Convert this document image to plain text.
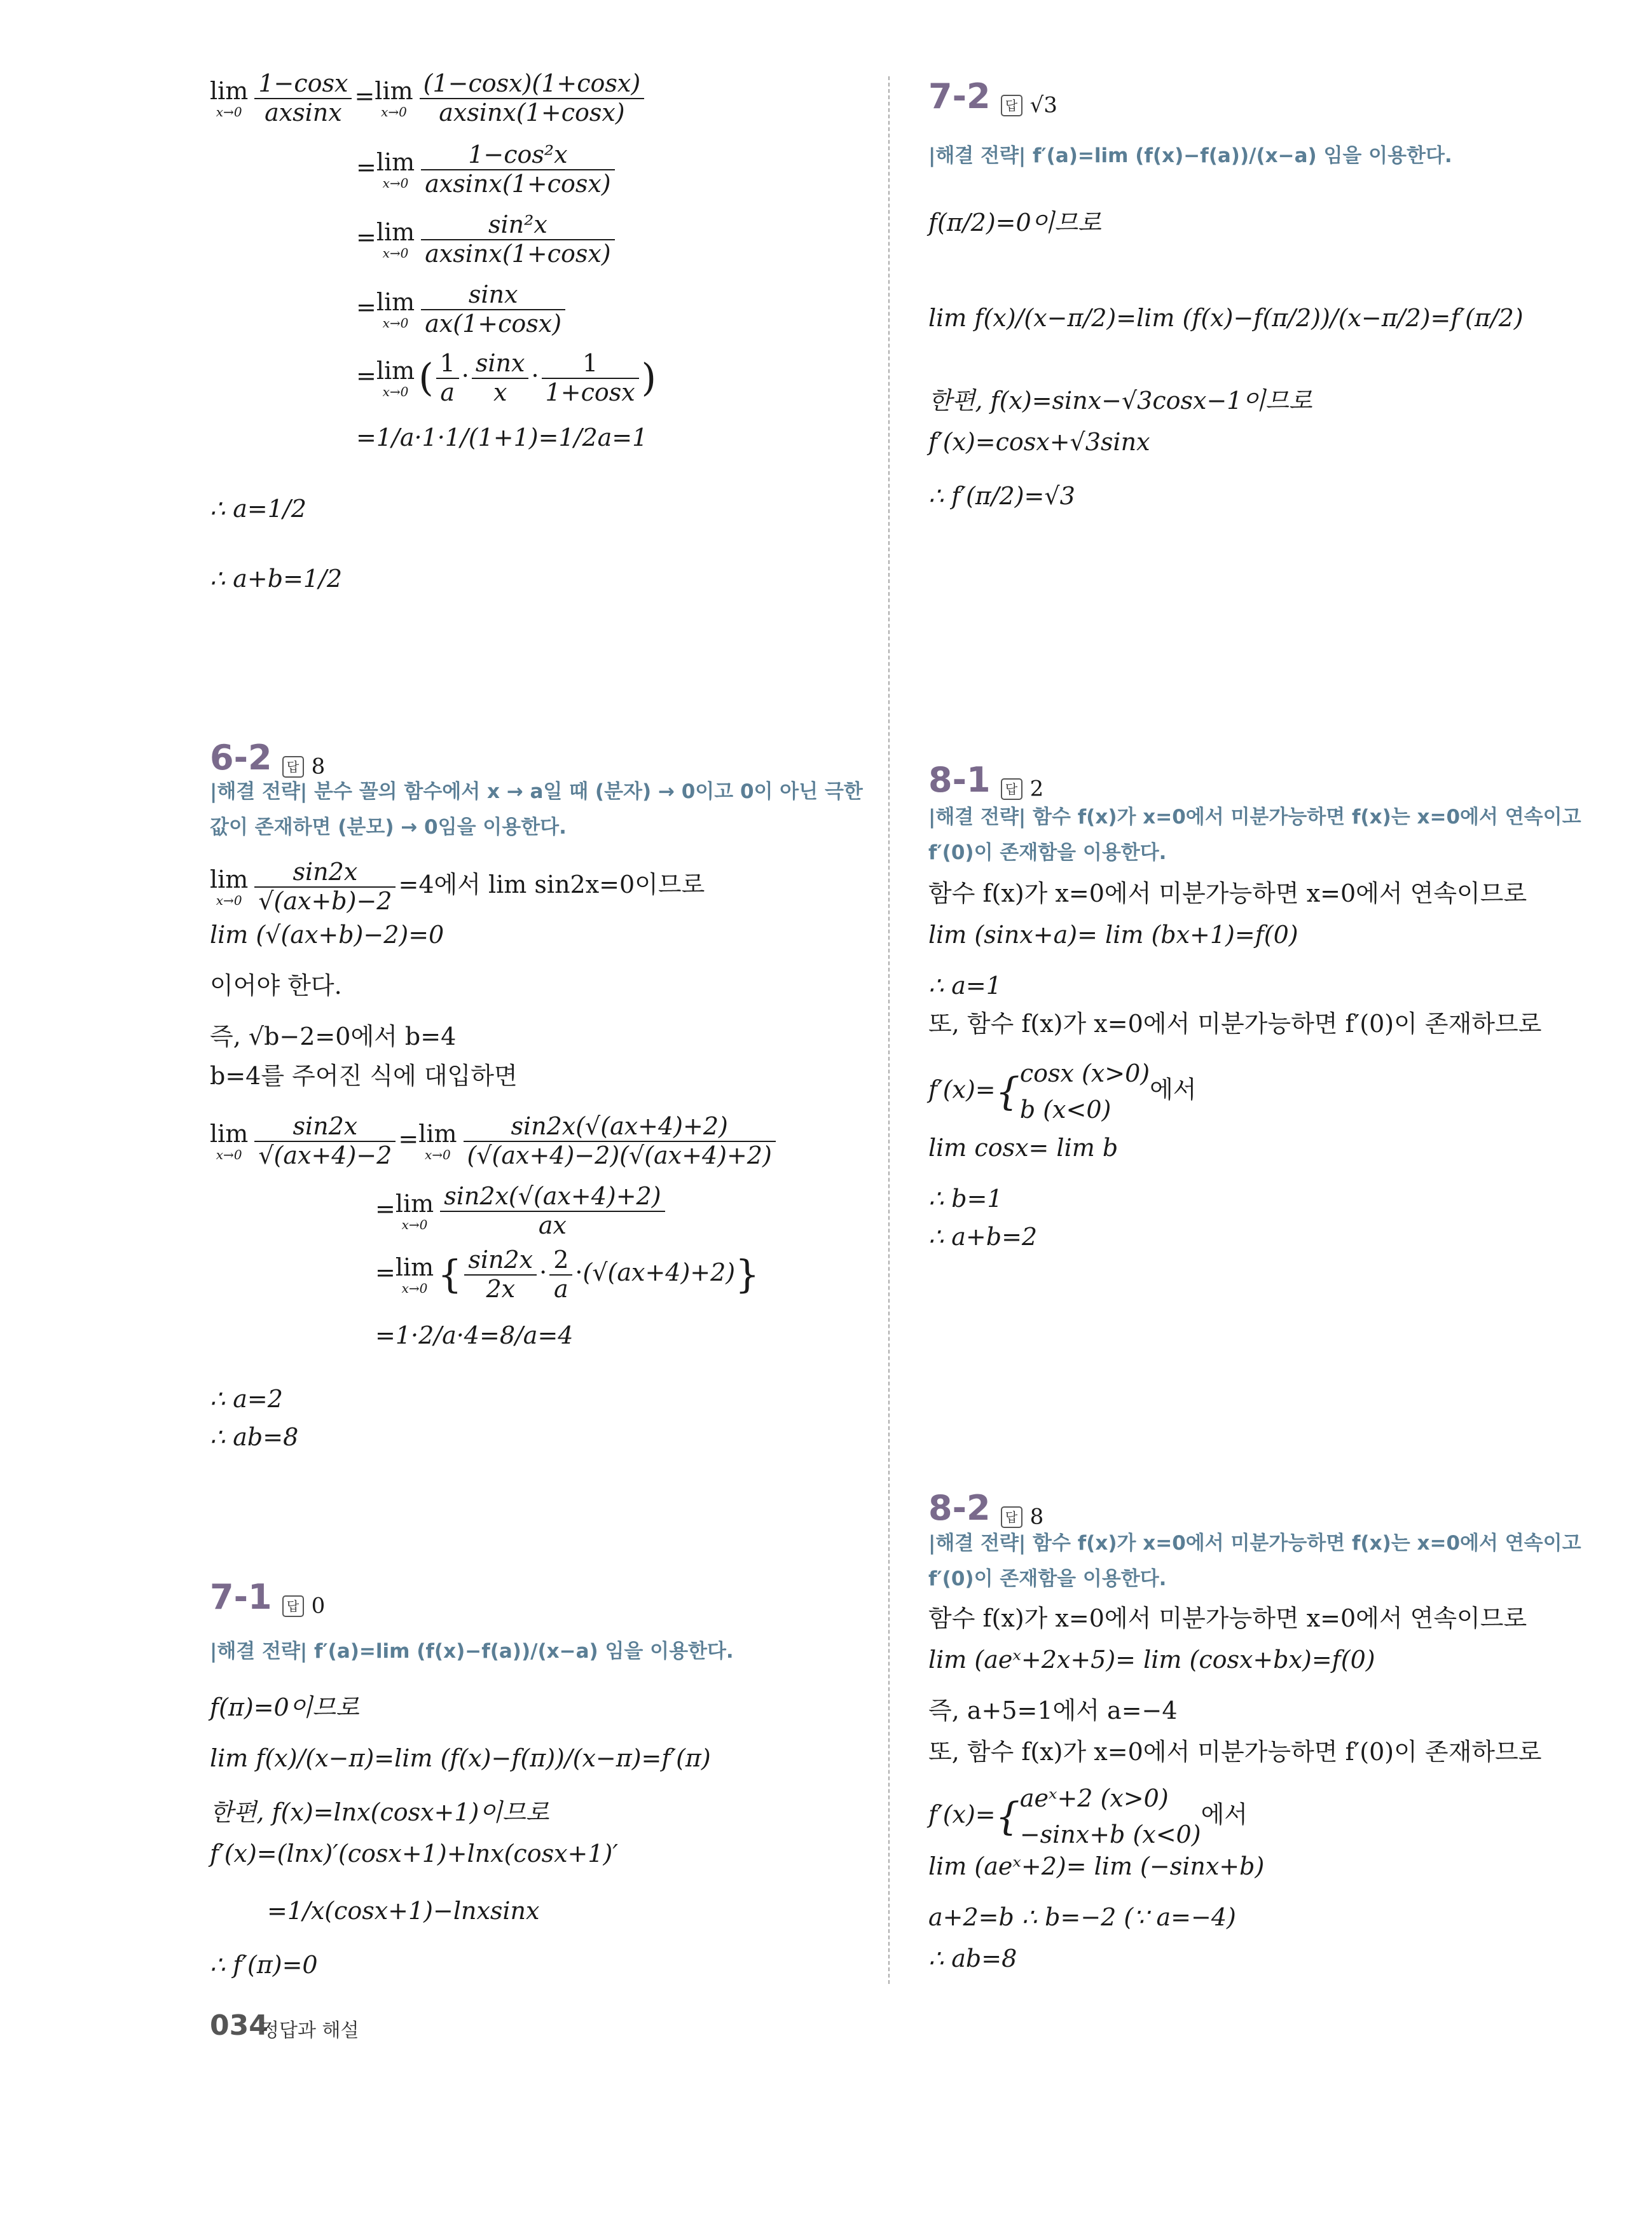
lim
$x\to 0 \frac{1-\cos x}{axsinx} = \lim$
$x\to 0 \frac{(1-\cos x)(1+\cos x)}{axsinx(1+\cos x)}$
= lim
$x\to 0 \frac{\text{1−cos²x}}{axsinx(1+\cos x)}$
= lim
$x\to 0 \frac{\text{sin²x}}{axsinx(1+\cos x)}$
= lim
$x\to 0 \frac{\sin x}{ax(1+\cos x)}$
= lim
x→0 ( $\frac{1}{a} \cdot \frac{\sin x}{x} \cdot \frac{1}{1+\cos x}$ )
=1/a·1·1/(1+1)=1/2a=1
∴ a=1/2
∴ a+b=1/2
6-2 답 8
|해결 전략| 분수 꼴의 함수에서 x → a일 때 (분자) → 0이고 0이 아닌 극한
값이 존재하면 (분모) → 0임을 이용한다.
lim
$x\to 0 \frac{\sin 2x}{√(ax+b)-2} =4$에서 lim sin2x=0이므로
lim (√(ax+b)−2)=0
이어야 한다.
즉, √b−2=0에서 b=4
b=4를 주어진 식에 대입하면
lim
$x\to 0 \frac{\sin 2x}{√(ax+4)-2} = \lim$
$x\to 0 \frac{\sin 2x(√(ax+4)+2)}{(√(ax+4)-2)(√(ax+4)+2)}$
= lim
$x\to 0 \frac{\sin 2x(√(ax+4)+2)}{ax}$
= lim
x→0 { $\frac{\sin 2x}{2x} \cdot \frac{2}{a} \cdot(√(ax+4)+2)$}
=1·2/a·4=8/a=4
∴ a=2
∴ ab=8
7-1 답 0
|해결 전략| f′(a)=lim (f(x)−f(a))/(x−a) 임을 이용한다.
f(π)=0이므로
lim f(x)/(x−π)=lim (f(x)−f(π))/(x−π)=f′(π)
한편, f(x)=lnx(cosx+1)이므로
f′(x)=(lnx)′(cosx+1)+lnx(cosx+1)′
=1/x(cosx+1)−lnxsinx
∴ f′(π)=0
7-2 답 √3
|해결 전략| f′(a)=lim (f(x)−f(a))/(x−a) 임을 이용한다.
f(π/2)=0이므로
lim f(x)/(x−π/2)=lim (f(x)−f(π/2))/(x−π/2)=f′(π/2)
한편, f(x)=sinx−√3cosx−1이므로
f′(x)=cosx+√3sinx
∴ f′(π/2)=√3
8-1 답 2
|해결 전략| 함수 f(x)가 x=0에서 미분가능하면 f(x)는 x=0에서 연속이고
f′(0)이 존재함을 이용한다.
함수 f(x)가 x=0에서 미분가능하면 x=0에서 연속이므로
lim (sinx+a)= lim (bx+1)=f(0)
∴ a=1
또, 함수 f(x)가 x=0에서 미분가능하면 f′(0)이 존재하므로
f′(x)={ cosx (x>0)
b (x<0)
에서
lim cosx= lim b
∴ b=1
∴ a+b=2
8-2 답 8
|해결 전략| 함수 f(x)가 x=0에서 미분가능하면 f(x)는 x=0에서 연속이고
f′(0)이 존재함을 이용한다.
함수 f(x)가 x=0에서 미분가능하면 x=0에서 연속이므로
lim (aeˣ+2x+5)= lim (cosx+bx)=f(0)
즉, a+5=1에서 a=−4
또, 함수 f(x)가 x=0에서 미분가능하면 f′(0)이 존재하므로
f′(x)={ aeˣ+2 (x>0)
−sinx+b (x<0)
에서
lim (aeˣ+2)= lim (−sinx+b)
a+2=b ∴ b=−2 (∵ a=−4)
∴ ab=8
034
정답과 해설
